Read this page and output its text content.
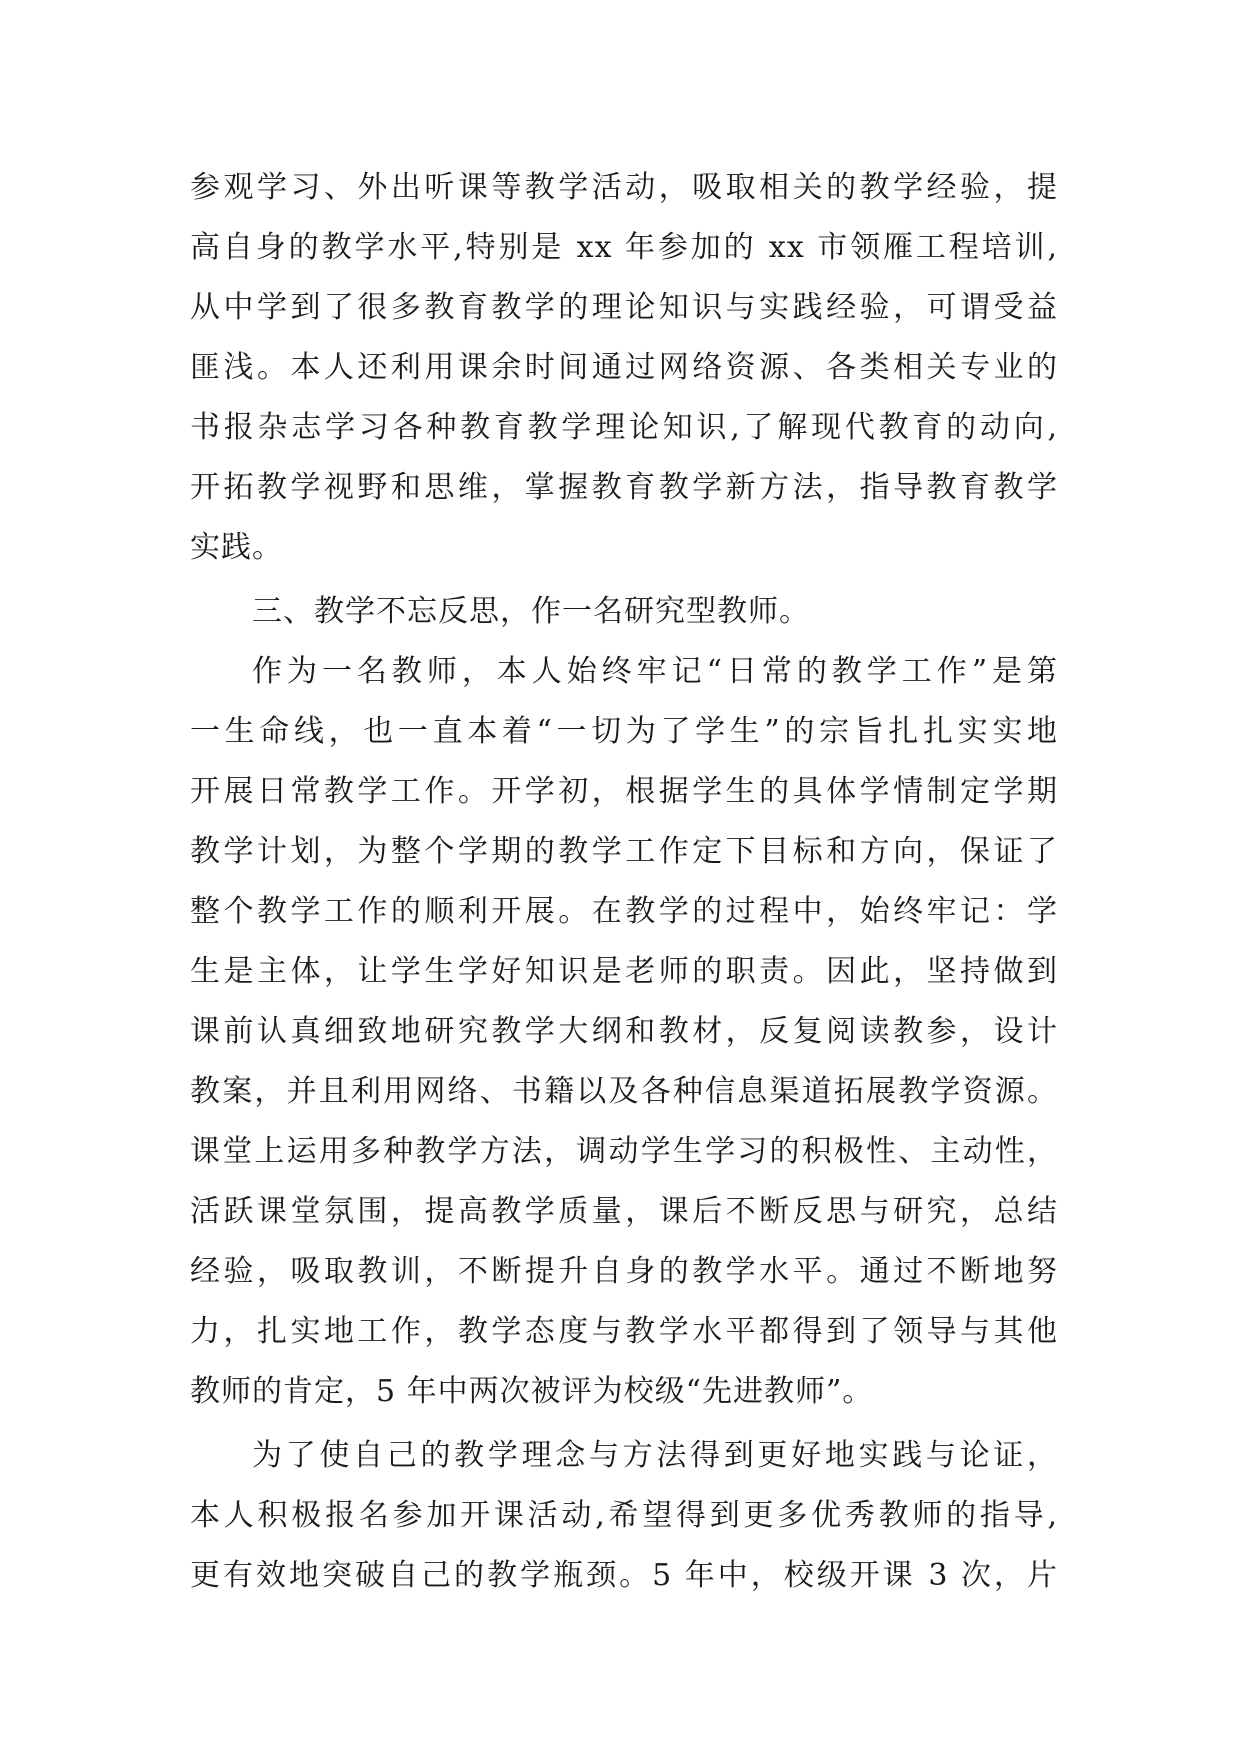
参观学习、外出听课等教学活动，吸取相关的教学经验，提
高自身的教学水平,特别是 xx 年参加的 xx 市领雁工程培训,
从中学到了很多教育教学的理论知识与实践经验，可谓受益
匪浅。本人还利用课余时间通过网络资源、各类相关专业的
书报杂志学习各种教育教学理论知识,了解现代教育的动向,
开拓教学视野和思维，掌握教育教学新方法，指导教育教学
实践。
三、教学不忘反思，作一名研究型教师。
作为一名教师，本人始终牢记“日常的教学工作”是第
一生命线，也一直本着“一切为了学生”的宗旨扎扎实实地
开展日常教学工作。开学初，根据学生的具体学情制定学期
教学计划，为整个学期的教学工作定下目标和方向，保证了
整个教学工作的顺利开展。在教学的过程中，始终牢记：学
生是主体，让学生学好知识是老师的职责。因此，坚持做到
课前认真细致地研究教学大纲和教材，反复阅读教参，设计
教案，并且利用网络、书籍以及各种信息渠道拓展教学资源。
课堂上运用多种教学方法，调动学生学习的积极性、主动性，
活跃课堂氛围，提高教学质量，课后不断反思与研究，总结
经验，吸取教训，不断提升自身的教学水平。通过不断地努
力，扎实地工作，教学态度与教学水平都得到了领导与其他
教师的肯定，5 年中两次被评为校级“先进教师”。
为了使自己的教学理念与方法得到更好地实践与论证，
本人积极报名参加开课活动,希望得到更多优秀教师的指导,
更有效地突破自己的教学瓶颈。5 年中，校级开课 3 次，片
